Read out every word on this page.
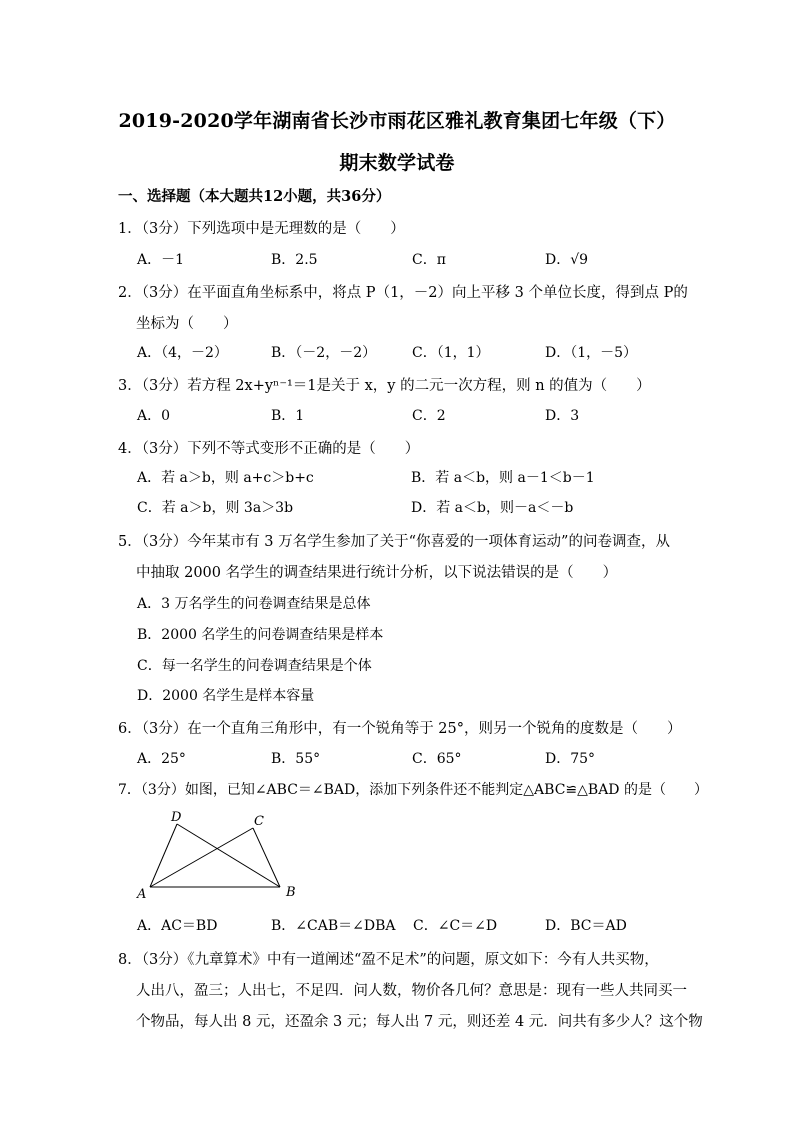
2019-2020学年湖南省长沙市雨花区雅礼教育集团七年级（下）
期末数学试卷
一、选择题（本大题共12小题，共36分）
1．（3分）下列选项中是无理数的是（　　）
A．－1	B．2.5	C．π	D．√9
2．（3分）在平面直角坐标系中，将点 P（1，－2）向上平移 3 个单位长度，得到点 P的
坐标为（　　）
A．（4，－2）	B．（－2，－2）	C．（1，1）	D．（1，－5）
3．（3分）若方程 2x+yⁿ⁻¹＝1是关于 x，y 的二元一次方程，则 n 的值为（　　）
A．0	B．1	C．2	D．3
4．（3分）下列不等式变形不正确的是（　　）
A．若 a＞b，则 a+c＞b+c	B．若 a＜b，则 a－1＜b－1
C．若 a＞b，则 3a＞3b	D．若 a＜b，则－a＜－b
5．（3分）今年某市有 3 万名学生参加了关于“你喜爱的一项体育运动”的问卷调查，从
中抽取 2000 名学生的调查结果进行统计分析，以下说法错误的是（　　）
A．3 万名学生的问卷调查结果是总体
B．2000 名学生的问卷调查结果是样本
C．每一名学生的问卷调查结果是个体
D．2000 名学生是样本容量
6．（3分）在一个直角三角形中，有一个锐角等于 25°，则另一个锐角的度数是（　　）
A．25°	B．55°	C．65°	D．75°
7．（3分）如图，已知∠ABC＝∠BAD，添加下列条件还不能判定△ABC≌△BAD 的是（　　）
D	C
A	B
A．AC＝BD	B．∠CAB＝∠DBA C．∠C＝∠D	D．BC＝AD
8．（3分）《九章算术》中有一道阐述“盈不足术”的问题，原文如下：今有人共买物，
人出八，盈三；人出七，不足四．问人数，物价各几何？意思是：现有一些人共同买一
个物品，每人出 8 元，还盈余 3 元；每人出 7 元，则还差 4 元．问共有多少人？这个物
